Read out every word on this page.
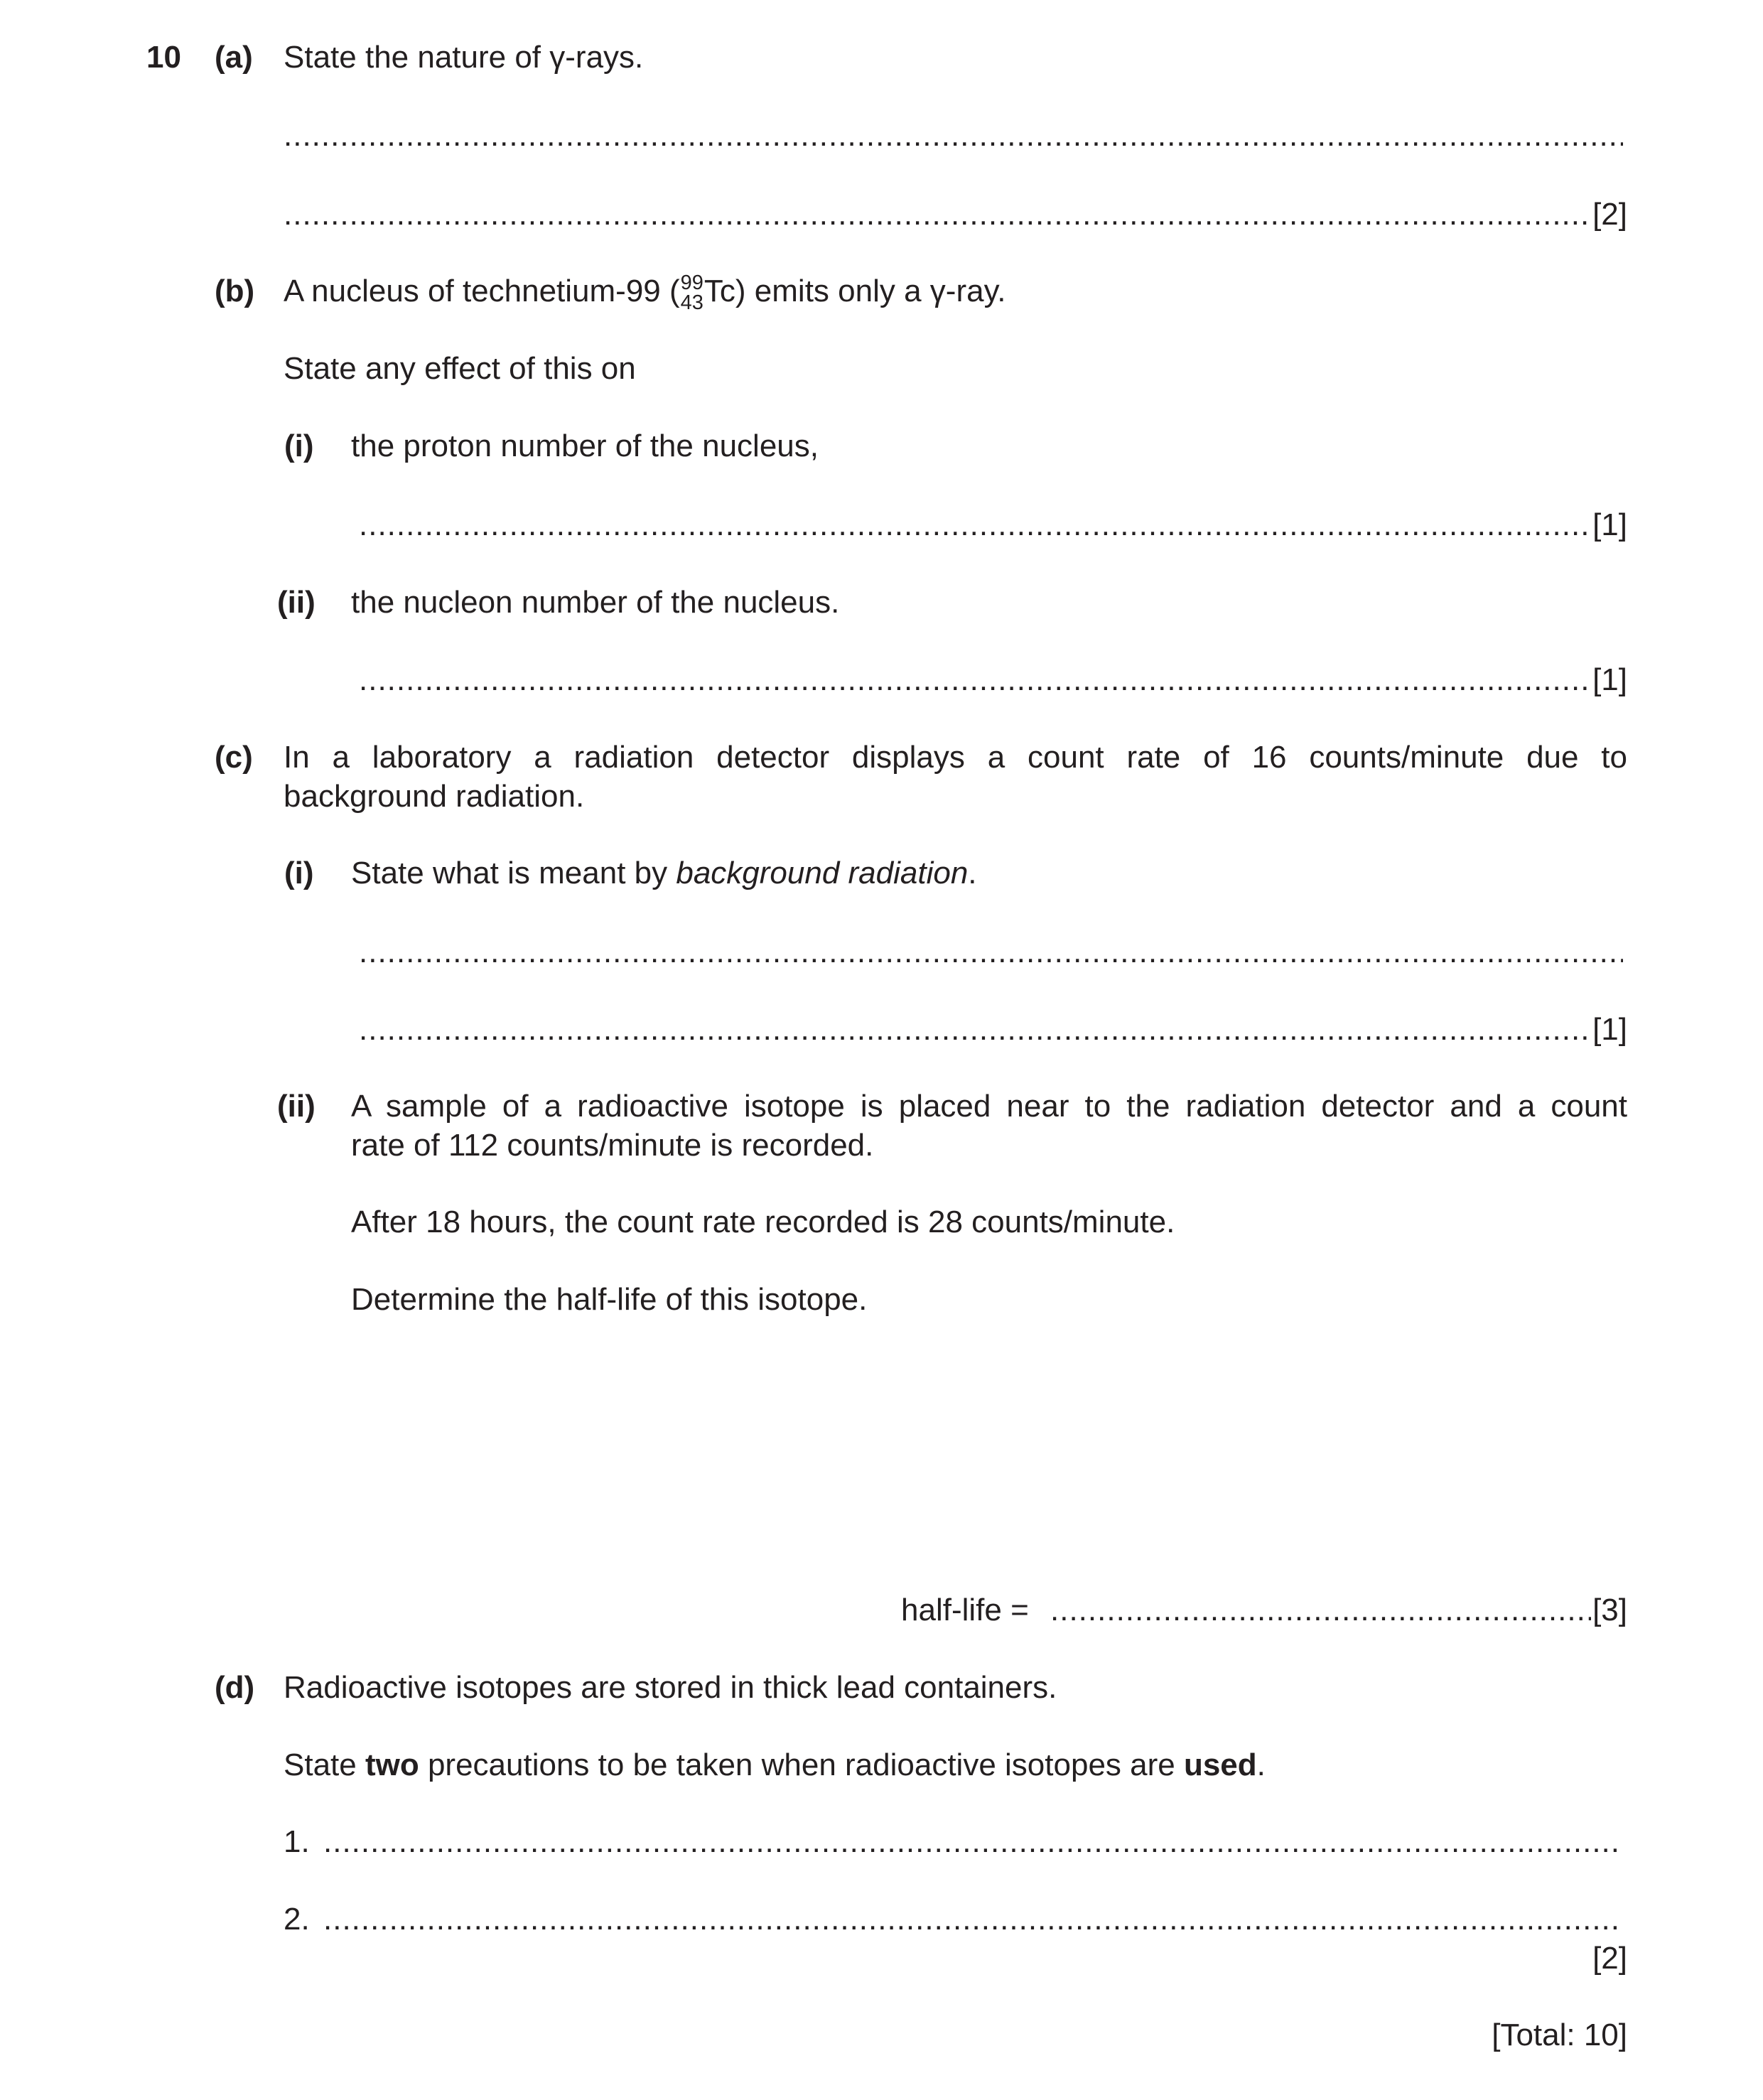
10 (a) State the nature of γ-rays.
.....
.....
[2]
(b) A nucleus of technetium-99 ( 99
43 Tc) emits only a γ-ray.
State any effect of this on
(i) the proton number of the nucleus,
.....
[1]
(ii) the nucleon number of the nucleus.
.....
[1]
(c) In a laboratory a radiation detector displays a count rate of 16 counts/minute due to
background radiation.
(i) State what is meant by background radiation.
.....
.....
[1]
(ii) A sample of a radioactive isotope is placed near to the radiation detector and a count
rate of 112 counts/minute is recorded.
After 18 hours, the count rate recorded is 28 counts/minute.
Determine the half-life of this isotope.
half-life =
.....	[3]
(d) Radioactive isotopes are stored in thick lead containers.
State two precautions to be taken when radioactive isotopes are used.
1.
.....
2.
.....
[2]
[Total: 10]
